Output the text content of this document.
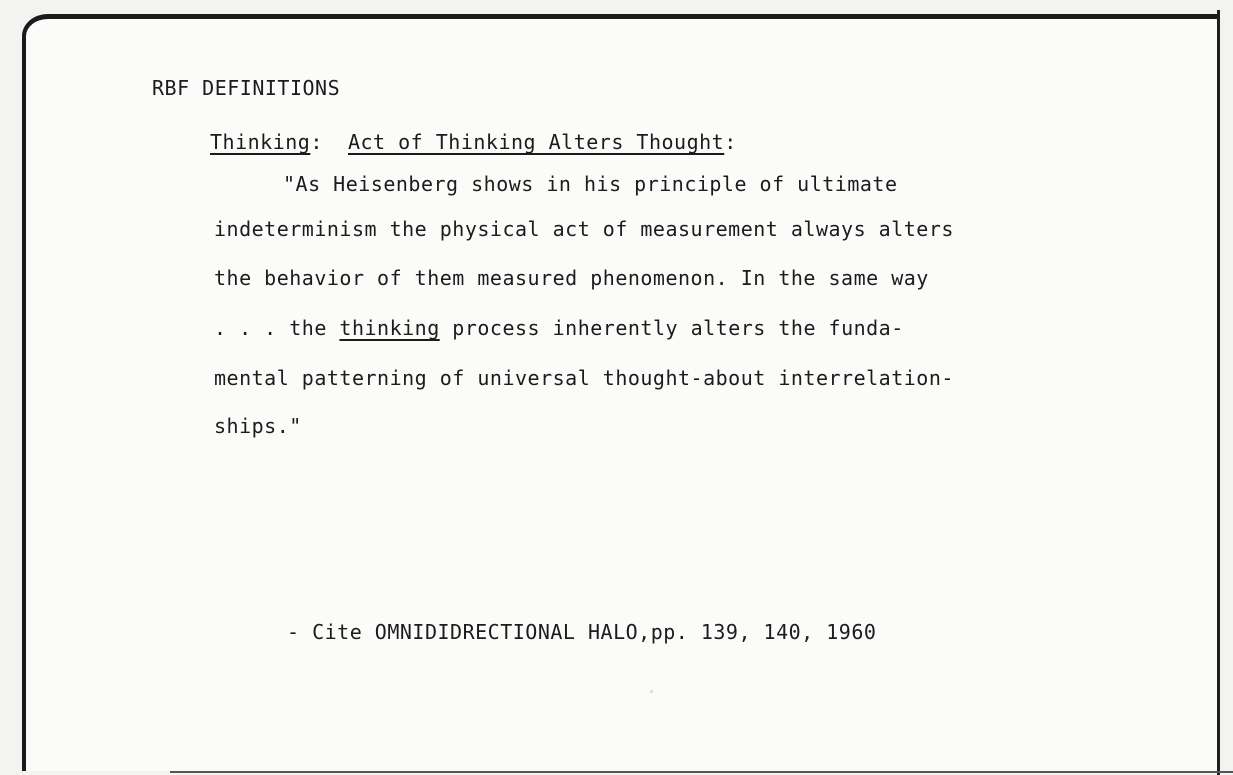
RBF DEFINITIONS
Thinking: Act of Thinking Alters Thought:
"As Heisenberg shows in his principle of ultimate
indeterminism the physical act of measurement always alters
the behavior of them measured phenomenon. In the same way
. . . the thinking process inherently alters the funda-
mental patterning of universal thought-about interrelation-
ships."
- Cite OMNIDIDRECTIONAL HALO,pp. 139, 140, 1960
